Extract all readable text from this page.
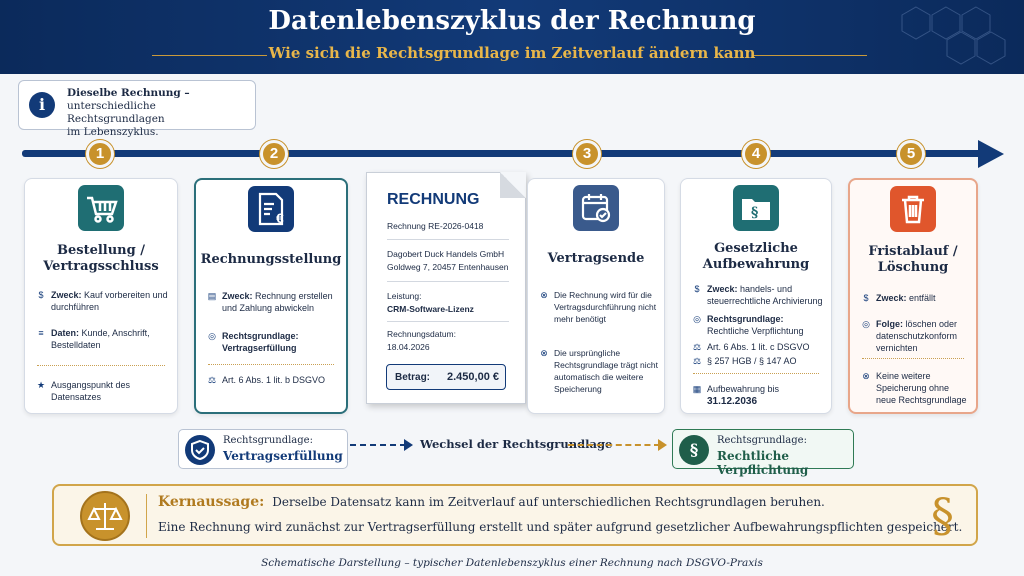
Datenlebenszyklus der Rechnung
Wie sich die Rechtsgrundlage im Zeitverlauf ändern kann
i
Dieselbe Rechnung –
unterschiedliche Rechtsgrundlagen
im Lebenszyklus.
1	2	3	4	5
Bestellung /
Vertragsschluss
$ Zweck: Kauf vorbereiten und durchführen
≡ Daten: Kunde, Anschrift, Bestelldaten
★ Ausgangspunkt des Datensatzes
€
Rechnungsstellung
▤ Zweck: Rechnung erstellen und Zahlung abwickeln
◎ Rechtsgrundlage:
Vertragserfüllung
⚖ Art. 6 Abs. 1 lit. b DSGVO
RECHNUNG
Rechnung RE-2026-0418
Dagobert Duck Handels GmbH
Goldweg 7, 20457 Entenhausen
Leistung:
CRM-Software-Lizenz
Rechnungsdatum:
18.04.2026
Betrag: 2.450,00 €
Vertragsende
⊗ Die Rechnung wird für die Vertragsdurchführung nicht mehr benötigt
⊗ Die ursprüngliche Rechtsgrundlage trägt nicht automatisch die weitere Speicherung
§
Gesetzliche
Aufbewahrung
$ Zweck: handels- und steuerrechtliche Archivierung
◎ Rechtsgrundlage:
Rechtliche Verpflichtung
⚖ Art. 6 Abs. 1 lit. c DSGVO
⚖ § 257 HGB / § 147 AO
▦ Aufbewahrung bis
31.12.2036
Fristablauf /
Löschung
$ Zweck: entfällt
◎ Folge: löschen oder datenschutzkonform vernichten
⊗ Keine weitere Speicherung ohne neue Rechtsgrundlage
Rechtsgrundlage:
Vertragserfüllung
Wechsel der Rechtsgrundlage	§	Rechtsgrundlage:
Rechtliche Verpflichtung
Kernaussage: Derselbe Datensatz kann im Zeitverlauf auf unterschiedlichen Rechtsgrundlagen beruhen.
Eine Rechnung wird zunächst zur Vertragserfüllung erstellt und später aufgrund gesetzlicher Aufbewahrungspflichten gespeichert.
§
Schematische Darstellung – typischer Datenlebenszyklus einer Rechnung nach DSGVO-Praxis
